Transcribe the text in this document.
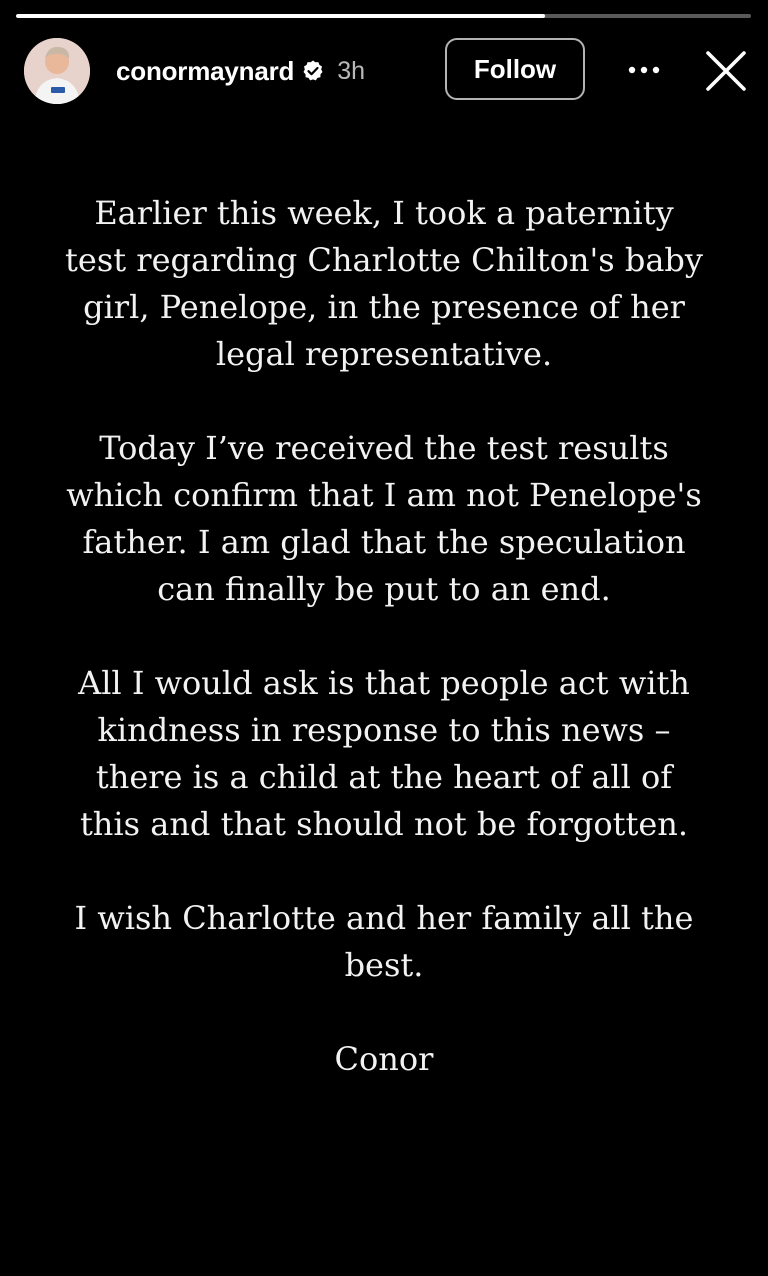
conormaynard 3h	Follow

Earlier this week, I took a paternity test regarding Charlotte Chilton's baby girl, Penelope, in the presence of her legal representative.

Today I’ve received the test results which confirm that I am not Penelope's father. I am glad that the speculation can finally be put to an end.

All I would ask is that people act with kindness in response to this news – there is a child at the heart of all of this and that should not be forgotten.

I wish Charlotte and her family all the best.

Conor
